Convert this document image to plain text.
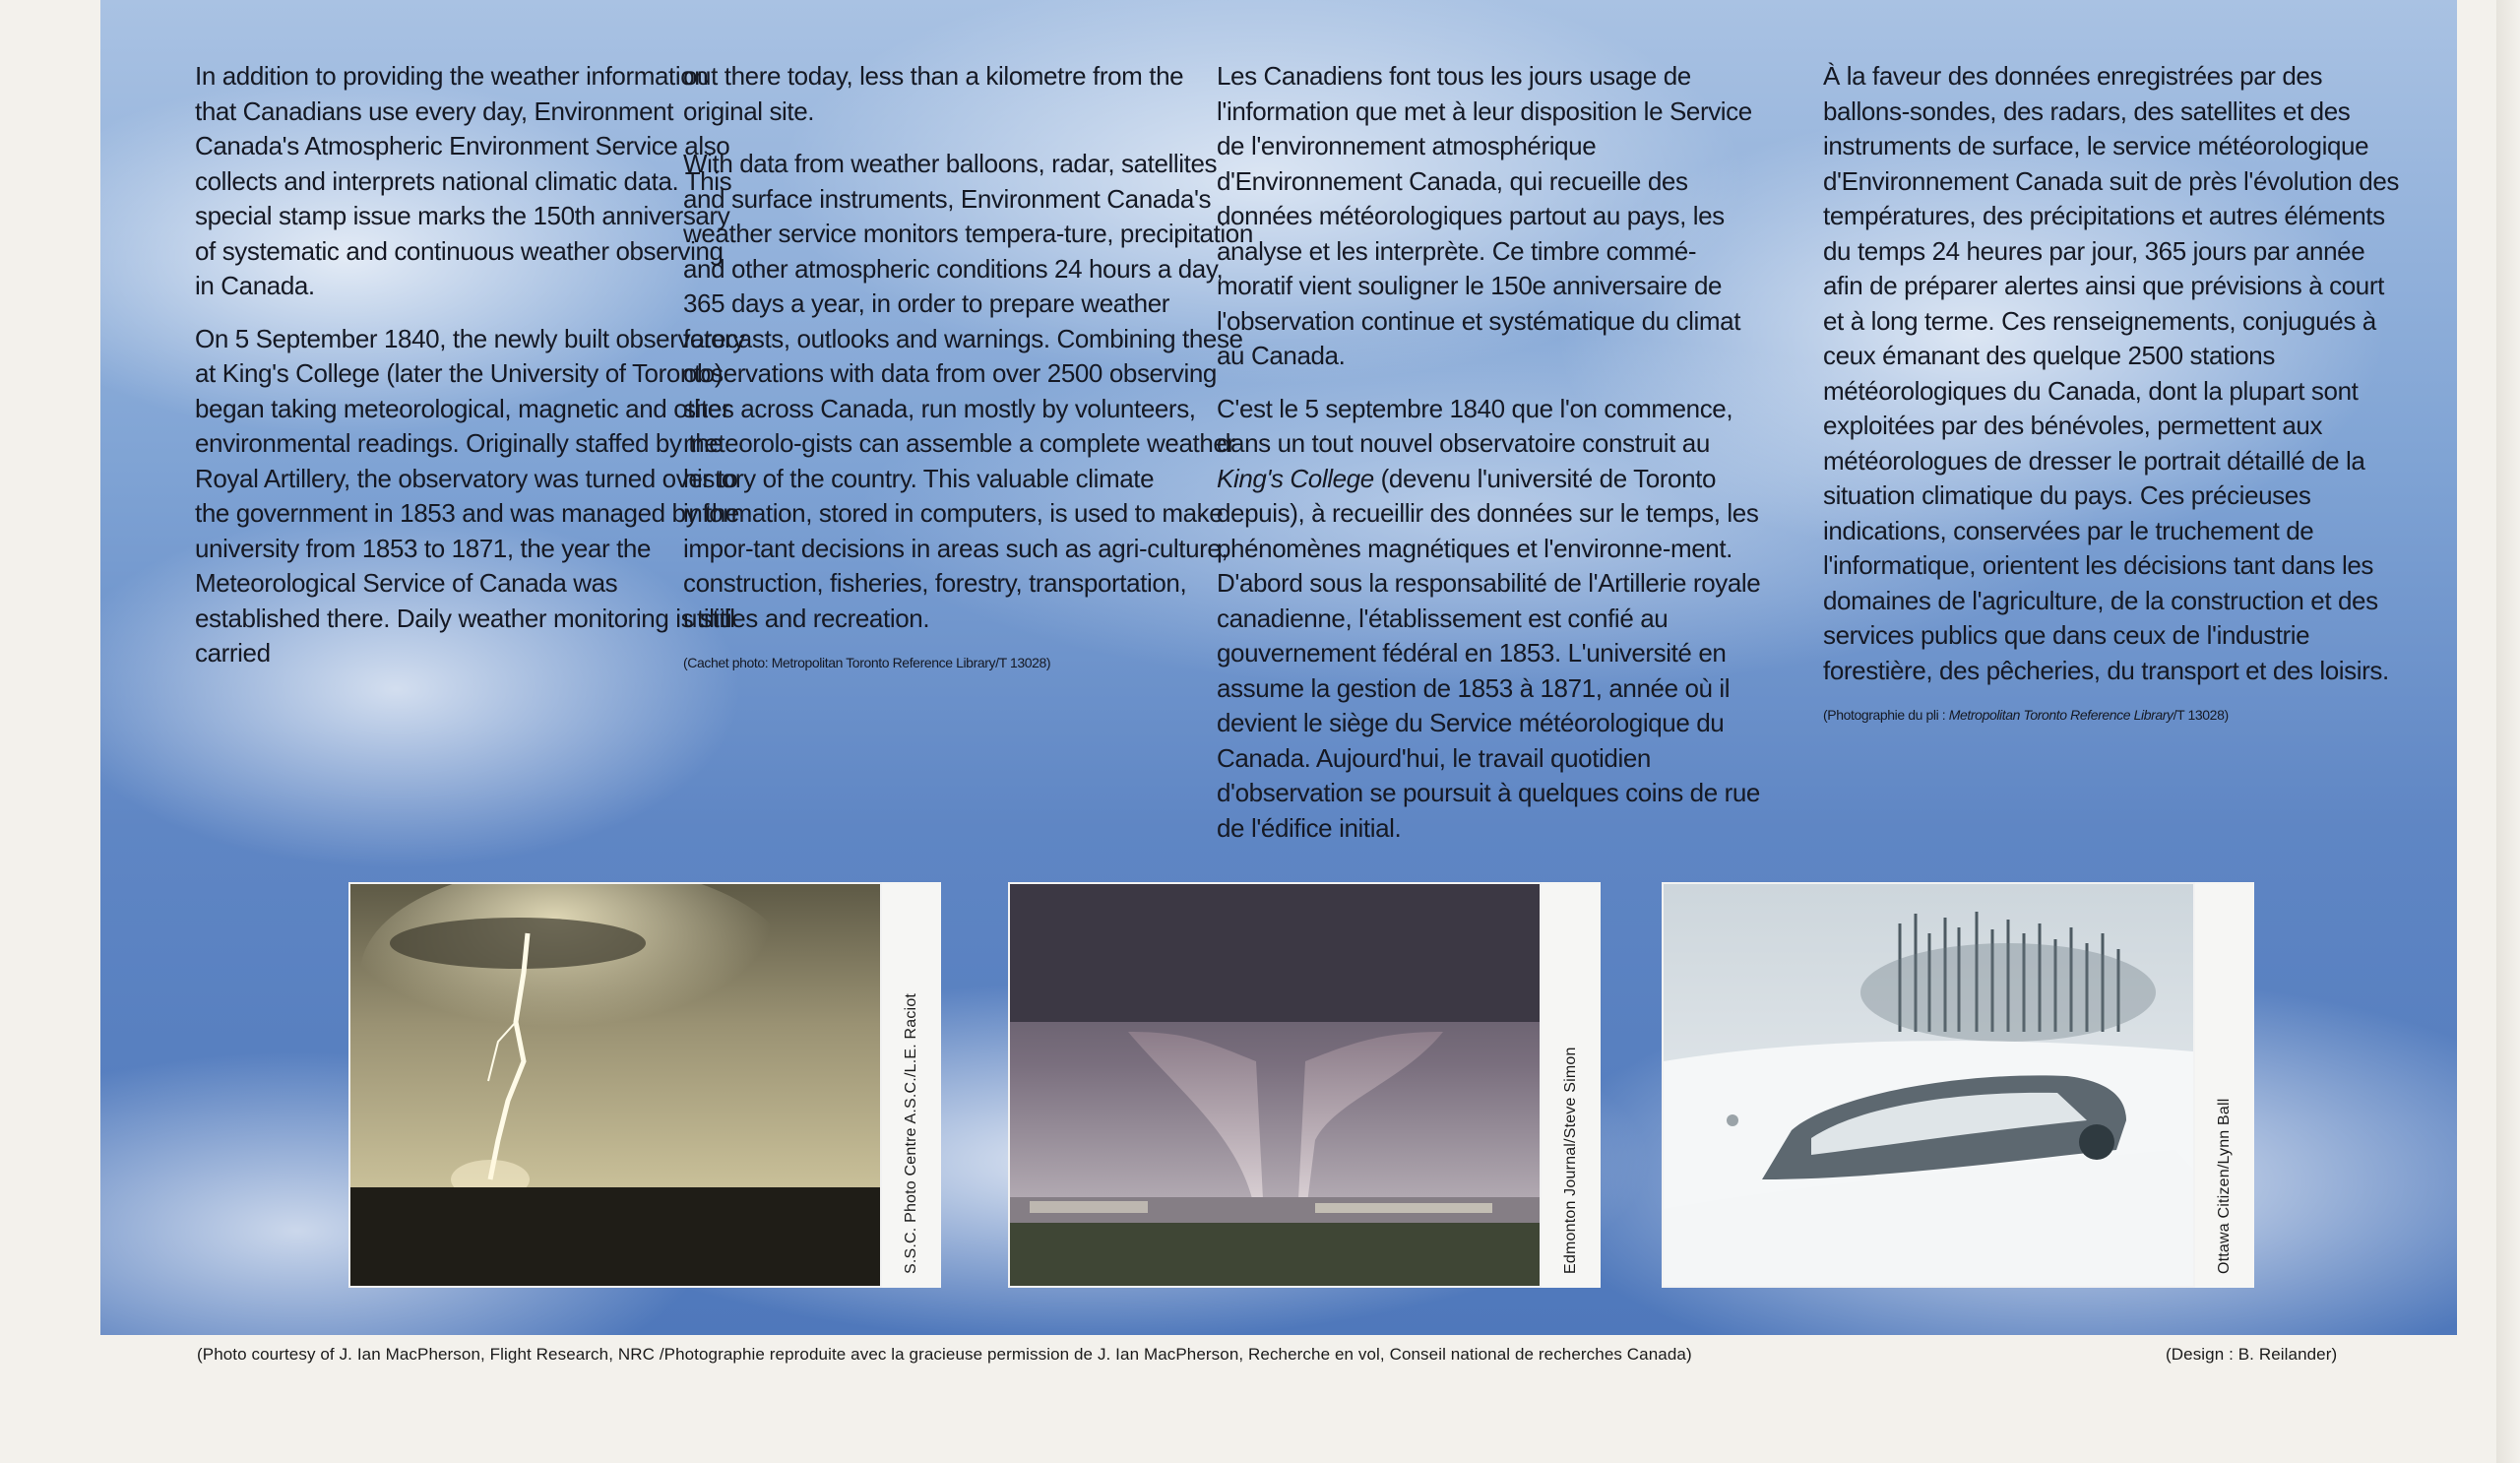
In addition to providing the weather information that Canadians use every day, Environment Canada's Atmospheric Environment Service also collects and interprets national climatic data. This special stamp issue marks the 150th anniversary of systematic and continuous weather observing in Canada.

On 5 September 1840, the newly built observatory at King's College (later the University of Toronto) began taking meteorological, magnetic and other environmental readings. Originally staffed by the Royal Artillery, the observatory was turned over to the government in 1853 and was managed by the university from 1853 to 1871, the year the Meteorological Service of Canada was established there. Daily weather monitoring is still carried

out there today, less than a kilometre from the original site.

With data from weather balloons, radar, satellites and surface instruments, Environment Canada's weather service monitors tempera-ture, precipitation and other atmospheric conditions 24 hours a day, 365 days a year, in order to prepare weather forecasts, outlooks and warnings. Combining these observations with data from over 2500 observing sites across Canada, run mostly by volunteers, meteorolo-gists can assemble a complete weather history of the country. This valuable climate information, stored in computers, is used to make impor-tant decisions in areas such as agri-culture, construction, fisheries, forestry, transportation, utilities and recreation.

(Cachet photo: Metropolitan Toronto Reference Library/T 13028)

Les Canadiens font tous les jours usage de l'information que met à leur disposition le Service de l'environnement atmosphérique d'Environnement Canada, qui recueille des données météorologiques partout au pays, les analyse et les interprète. Ce timbre commé-moratif vient souligner le 150e anniversaire de l'observation continue et systématique du climat au Canada.

C'est le 5 septembre 1840 que l'on commence, dans un tout nouvel observatoire construit au King's College (devenu l'université de Toronto depuis), à recueillir des données sur le temps, les phénomènes magnétiques et l'environne-ment. D'abord sous la responsabilité de l'Artillerie royale canadienne, l'établissement est confié au gouvernement fédéral en 1853. L'université en assume la gestion de 1853 à 1871, année où il devient le siège du Service météorologique du Canada. Aujourd'hui, le travail quotidien d'observation se poursuit à quelques coins de rue de l'édifice initial.

À la faveur des données enregistrées par des ballons-sondes, des radars, des satellites et des instruments de surface, le service météorologique d'Environnement Canada suit de près l'évolution des températures, des précipitations et autres éléments du temps 24 heures par jour, 365 jours par année afin de préparer alertes ainsi que prévisions à court et à long terme. Ces renseignements, conjugués à ceux émanant des quelque 2500 stations météorologiques du Canada, dont la plupart sont exploitées par des bénévoles, permettent aux météorologues de dresser le portrait détaillé de la situation climatique du pays. Ces précieuses indications, conservées par le truchement de l'informatique, orientent les décisions tant dans les domaines de l'agriculture, de la construction et des services publics que dans ceux de l'industrie forestière, des pêcheries, du transport et des loisirs.

(Photographie du pli : Metropolitan Toronto Reference Library/T 13028)
S.S.C. Photo Centre A.S.C./L.E. Raciot	Edmonton Journal/Steve Simon	Ottawa Citizen/Lynn Ball
(Photo courtesy of J. Ian MacPherson, Flight Research, NRC /Photographie reproduite avec la gracieuse permission de J. Ian MacPherson, Recherche en vol, Conseil national de recherches Canada)	(Design : B. Reilander)
